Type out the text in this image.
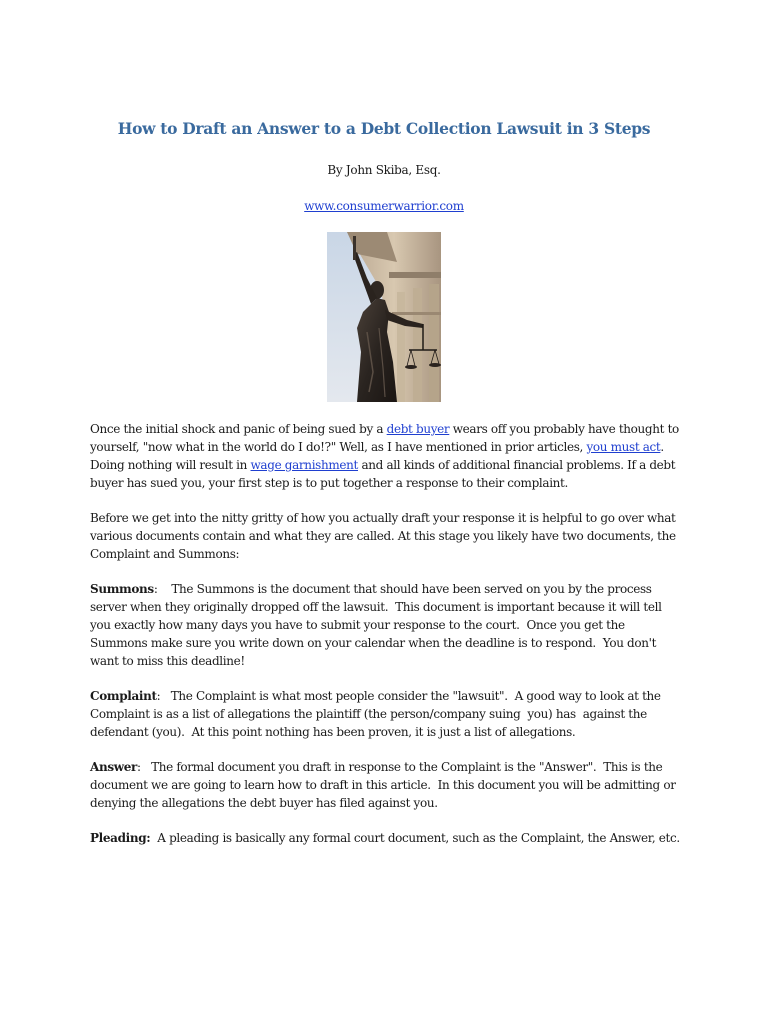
How to Draft an Answer to a Debt Collection Lawsuit in 3 Steps
By John Skiba, Esq.
www.consumerwarrior.com

Once the initial shock and panic of being sued by a debt buyer wears off you probably have thought to yourself, "now what in the world do I do!?" Well, as I have mentioned in prior articles, you must act. Doing nothing will result in wage garnishment and all kinds of additional financial problems. If a debt buyer has sued you, your first step is to put together a response to their complaint.

Before we get into the nitty gritty of how you actually draft your response it is helpful to go over what various documents contain and what they are called. At this stage you likely have two documents, the Complaint and Summons:

Summons:    The Summons is the document that should have been served on you by the process server when they originally dropped off the lawsuit.  This document is important because it will tell you exactly how many days you have to submit your response to the court.  Once you get the Summons make sure you write down on your calendar when the deadline is to respond.  You don't want to miss this deadline!

Complaint:   The Complaint is what most people consider the "lawsuit".  A good way to look at the Complaint is as a list of allegations the plaintiff (the person/company suing  you) has  against the defendant (you).  At this point nothing has been proven, it is just a list of allegations.

Answer:   The formal document you draft in response to the Complaint is the "Answer".  This is the document we are going to learn how to draft in this article.  In this document you will be admitting or denying the allegations the debt buyer has filed against you.

Pleading:  A pleading is basically any formal court document, such as the Complaint, the Answer, etc.
